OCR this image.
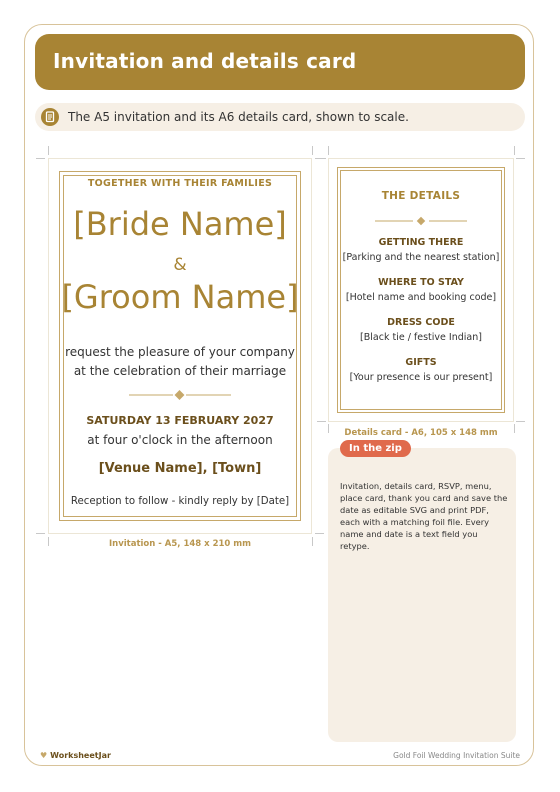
Invitation and details card
The A5 invitation and its A6 details card, shown to scale.
TOGETHER WITH THEIR FAMILIES
[Bride Name]
&
[Groom Name]
request the pleasure of your company
at the celebration of their marriage
SATURDAY 13 FEBRUARY 2027
at four o'clock in the afternoon
[Venue Name], [Town]
Reception to follow - kindly reply by [Date]
Invitation - A5, 148 x 210 mm
THE DETAILS
GETTING THERE
[Parking and the nearest station]
WHERE TO STAY
[Hotel name and booking code]
DRESS CODE
[Black tie / festive Indian]
GIFTS
[Your presence is our present]
Details card - A6, 105 x 148 mm
In the zip
Invitation, details card, RSVP, menu, place card, thank you card and save the date as editable SVG and print PDF, each with a matching foil file. Every name and date is a text field you retype.
♥ WorksheetJar	Gold Foil Wedding Invitation Suite
